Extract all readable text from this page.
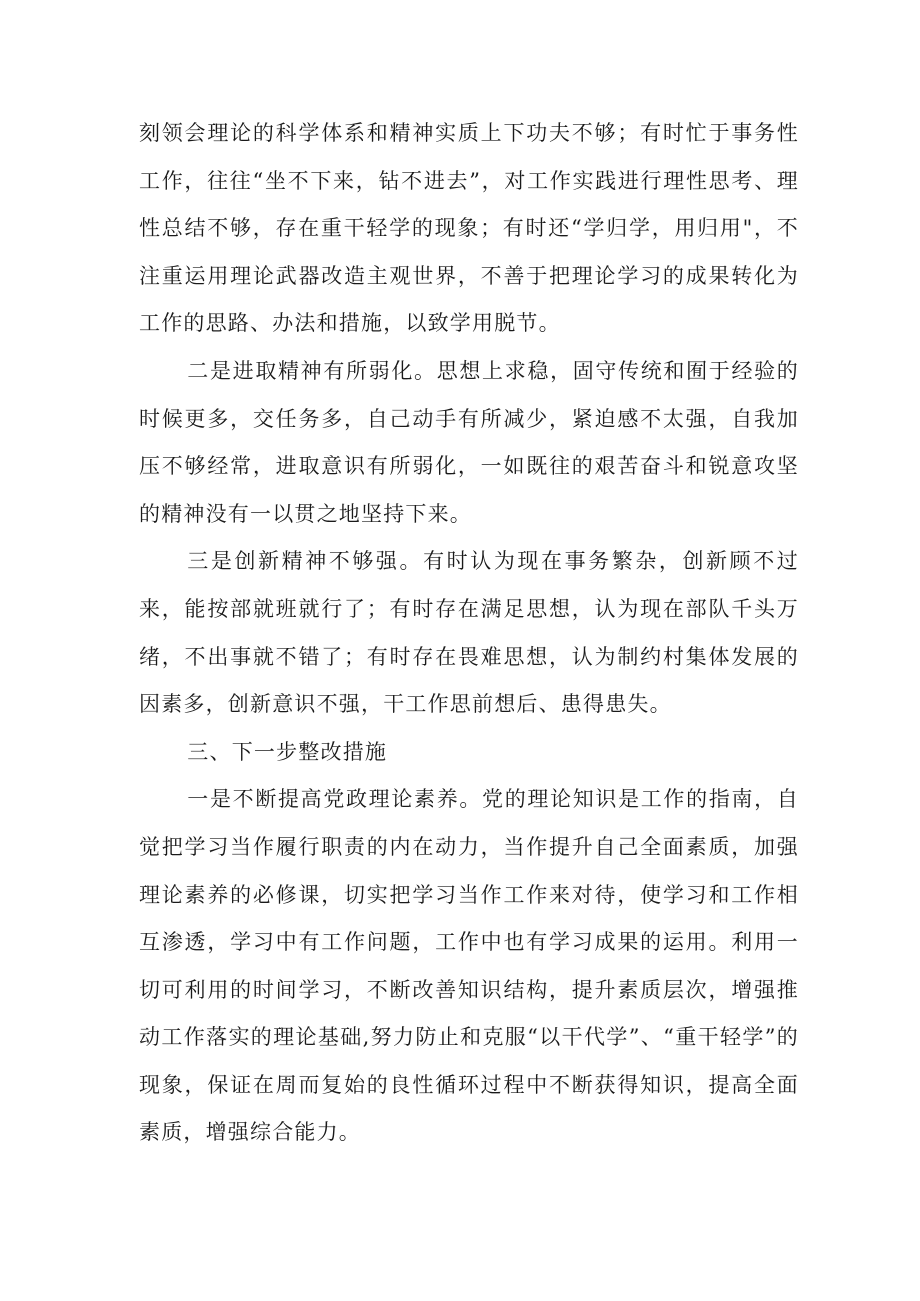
刻领会理论的科学体系和精神实质上下功夫不够；有时忙于事务性工作，往往“坐不下来，钻不进去”，对工作实践进行理性思考、理性总结不够，存在重干轻学的现象；有时还“学归学，用归用"，不注重运用理论武器改造主观世界，不善于把理论学习的成果转化为工作的思路、办法和措施，以致学用脱节。

二是进取精神有所弱化。思想上求稳，固守传统和囿于经验的时候更多，交任务多，自己动手有所减少，紧迫感不太强，自我加压不够经常，进取意识有所弱化，一如既往的艰苦奋斗和锐意攻坚的精神没有一以贯之地坚持下来。

三是创新精神不够强。有时认为现在事务繁杂，创新顾不过来，能按部就班就行了；有时存在满足思想，认为现在部队千头万绪，不出事就不错了；有时存在畏难思想，认为制约村集体发展的因素多，创新意识不强，干工作思前想后、患得患失。

三、下一步整改措施

一是不断提高党政理论素养。党的理论知识是工作的指南，自觉把学习当作履行职责的内在动力，当作提升自己全面素质，加强理论素养的必修课，切实把学习当作工作来对待，使学习和工作相互渗透，学习中有工作问题，工作中也有学习成果的运用。利用一切可利用的时间学习，不断改善知识结构，提升素质层次，增强推动工作落实的理论基础,努力防止和克服“以干代学”、“重干轻学”的现象，保证在周而复始的良性循环过程中不断获得知识，提高全面素质，增强综合能力。
